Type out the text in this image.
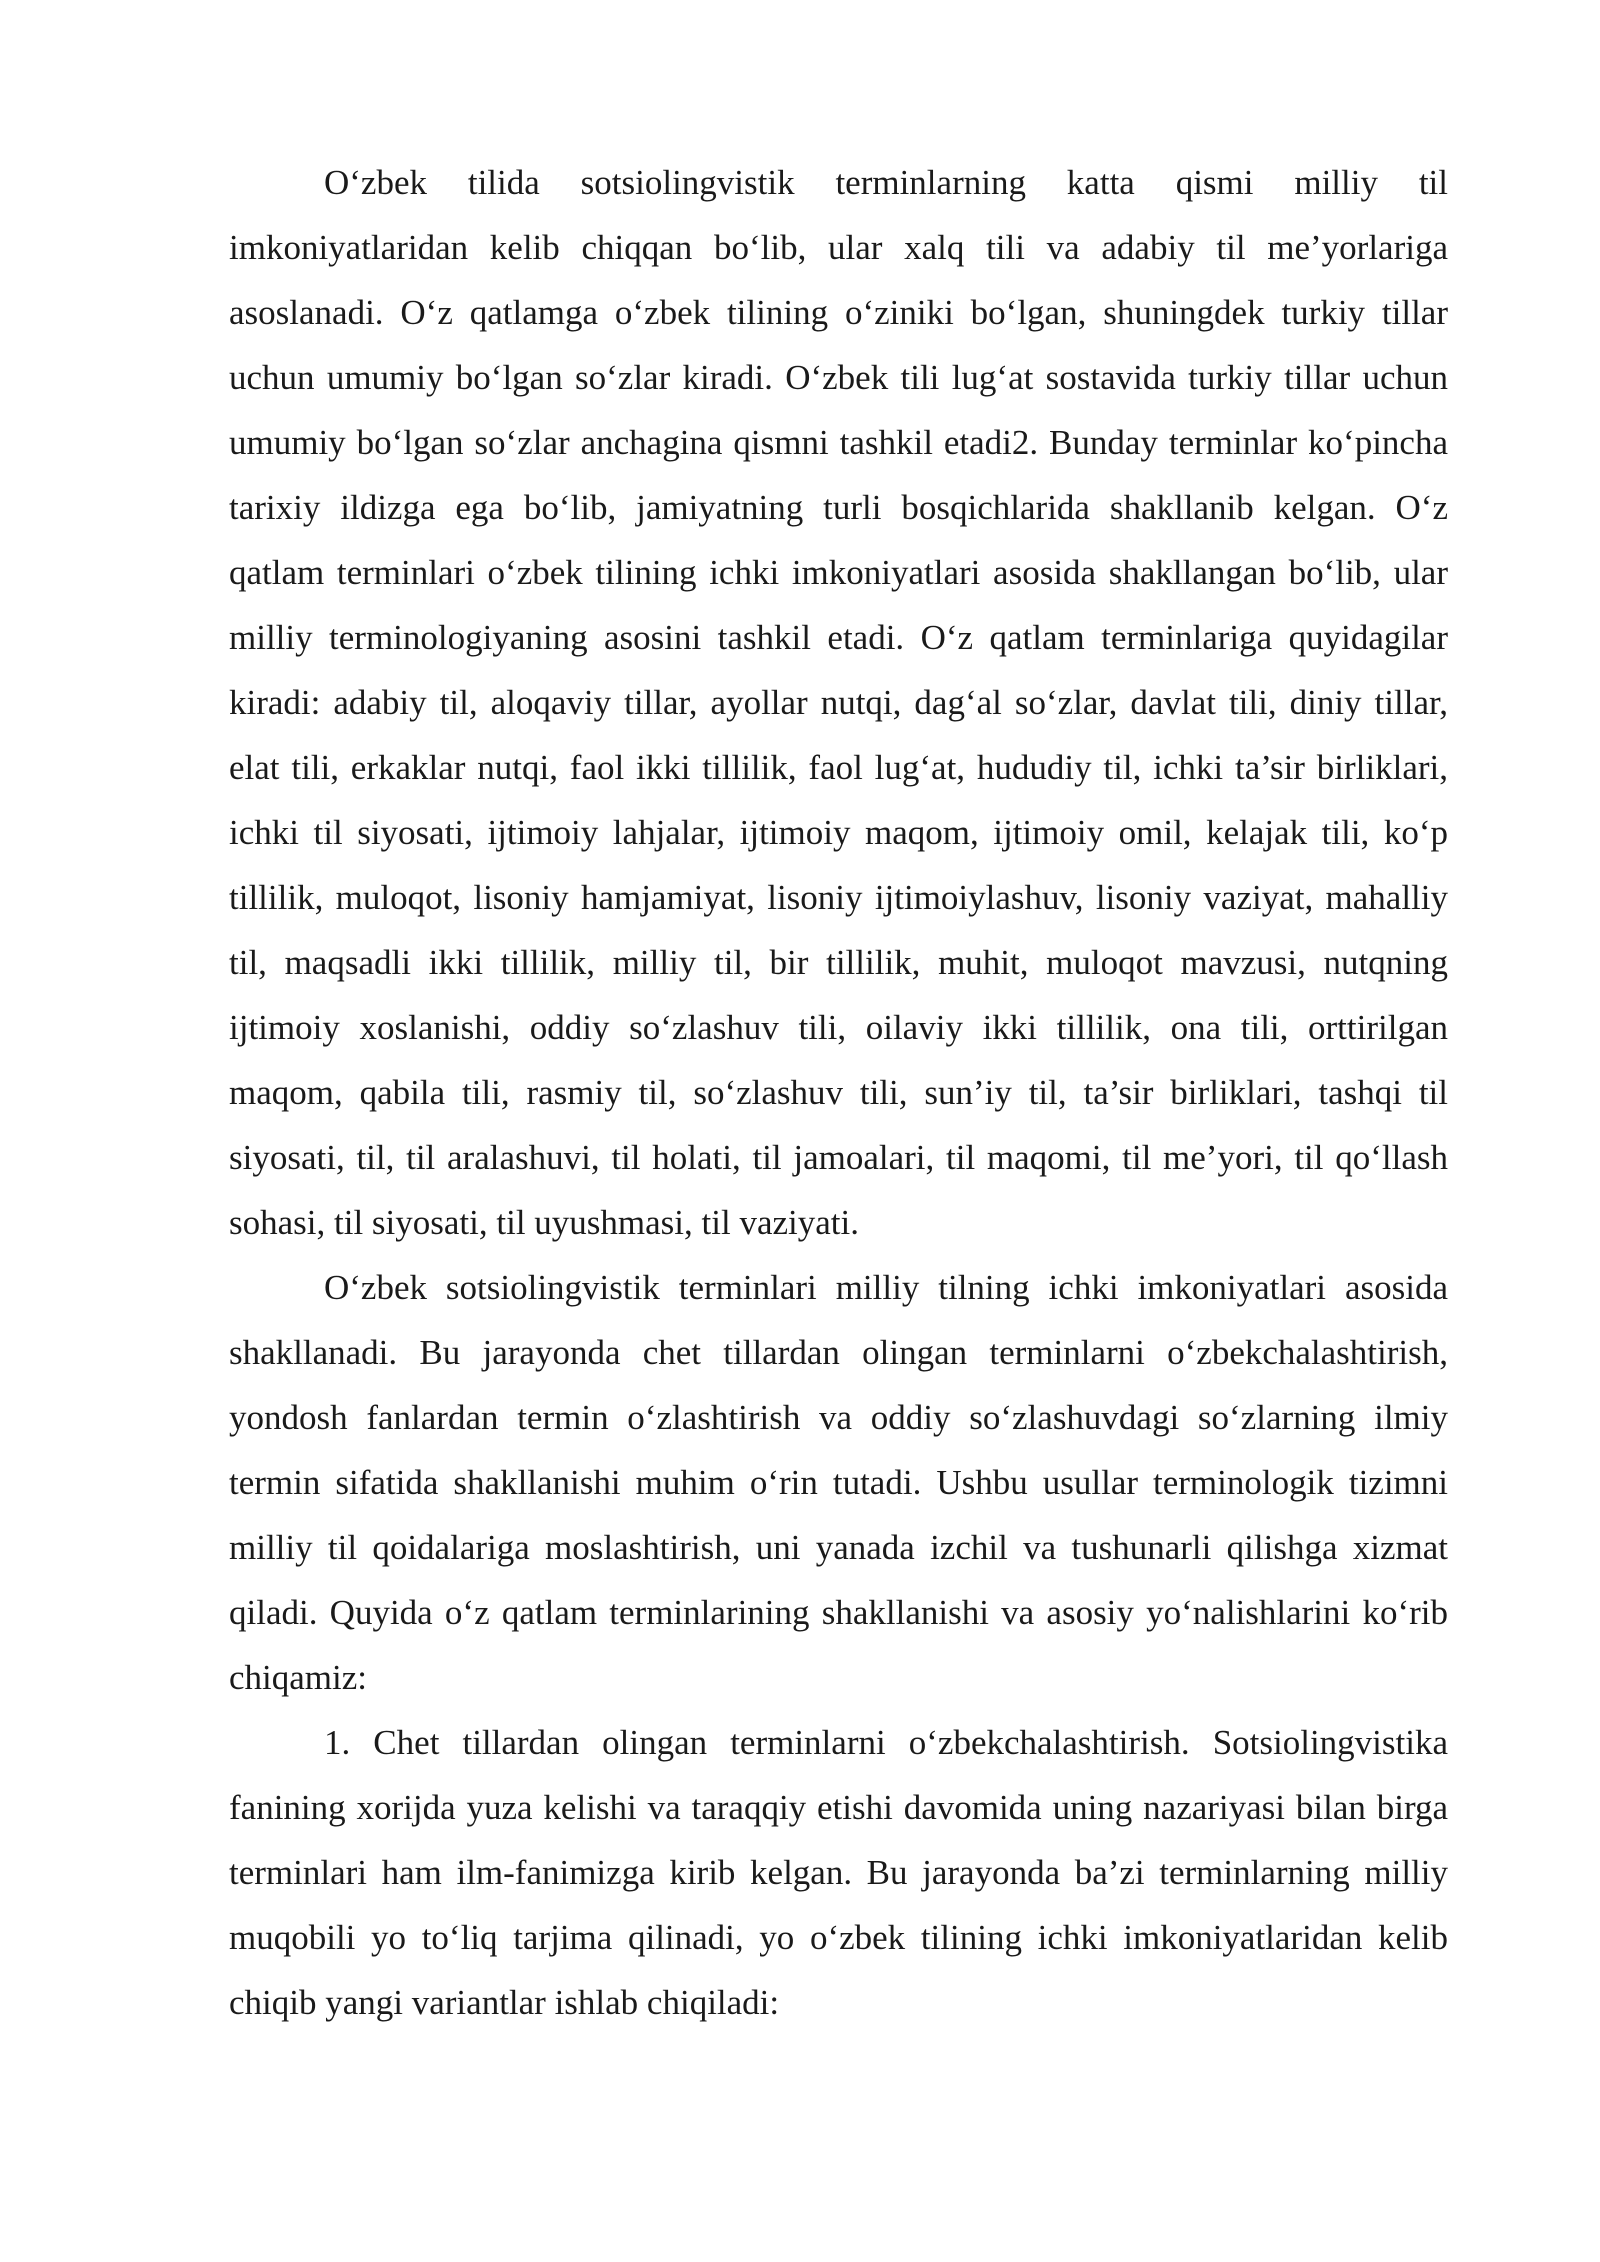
O‘zbek tilida sotsiolingvistik terminlarning katta qismi milliy til imkoniyatlaridan kelib chiqqan bo‘lib, ular xalq tili va adabiy til me’yorlariga asoslanadi. O‘z qatlamga o‘zbek tilining o‘ziniki bo‘lgan, shuningdek turkiy tillar uchun umumiy bo‘lgan so‘zlar kiradi. O‘zbek tili lug‘at sostavida turkiy tillar uchun umumiy bo‘lgan so‘zlar anchagina qismni tashkil etadi2. Bunday terminlar ko‘pincha tarixiy ildizga ega bo‘lib, jamiyatning turli bosqichlarida shakllanib kelgan. O‘z qatlam terminlari o‘zbek tilining ichki imkoniyatlari asosida shakllangan bo‘lib, ular milliy terminologiyaning asosini tashkil etadi. O‘z qatlam terminlariga quyidagilar kiradi: adabiy til, aloqaviy tillar, ayollar nutqi, dag‘al so‘zlar, davlat tili, diniy tillar, elat tili, erkaklar nutqi, faol ikki tillilik, faol lug‘at, hududiy til, ichki ta’sir birliklari, ichki til siyosati, ijtimoiy lahjalar, ijtimoiy maqom, ijtimoiy omil, kelajak tili, ko‘p tillilik, muloqot, lisoniy hamjamiyat, lisoniy ijtimoiylashuv, lisoniy vaziyat, mahalliy til, maqsadli ikki tillilik, milliy til, bir tillilik, muhit, muloqot mavzusi, nutqning ijtimoiy xoslanishi, oddiy so‘zlashuv tili, oilaviy ikki tillilik, ona tili, orttirilgan maqom, qabila tili, rasmiy til, so‘zlashuv tili, sun’iy til, ta’sir birliklari, tashqi til siyosati, til, til aralashuvi, til holati, til jamoalari, til maqomi, til me’yori, til qo‘llash sohasi, til siyosati, til uyushmasi, til vaziyati.

O‘zbek sotsiolingvistik terminlari milliy tilning ichki imkoniyatlari asosida shakllanadi. Bu jarayonda chet tillardan olingan terminlarni o‘zbekchalashtirish, yondosh fanlardan termin o‘zlashtirish va oddiy so‘zlashuvdagi so‘zlarning ilmiy termin sifatida shakllanishi muhim o‘rin tutadi. Ushbu usullar terminologik tizimni milliy til qoidalariga moslashtirish, uni yanada izchil va tushunarli qilishga xizmat qiladi. Quyida o‘z qatlam terminlarining shakllanishi va asosiy yo‘nalishlarini ko‘rib chiqamiz:

1. Chet tillardan olingan terminlarni o‘zbekchalashtirish. Sotsiolingvistika fanining xorijda yuza kelishi va taraqqiy etishi davomida uning nazariyasi bilan birga terminlari ham ilm-fanimizga kirib kelgan. Bu jarayonda ba’zi terminlarning milliy muqobili yo to‘liq tarjima qilinadi, yo o‘zbek tilining ichki imkoniyatlaridan kelib chiqib yangi variantlar ishlab chiqiladi:
